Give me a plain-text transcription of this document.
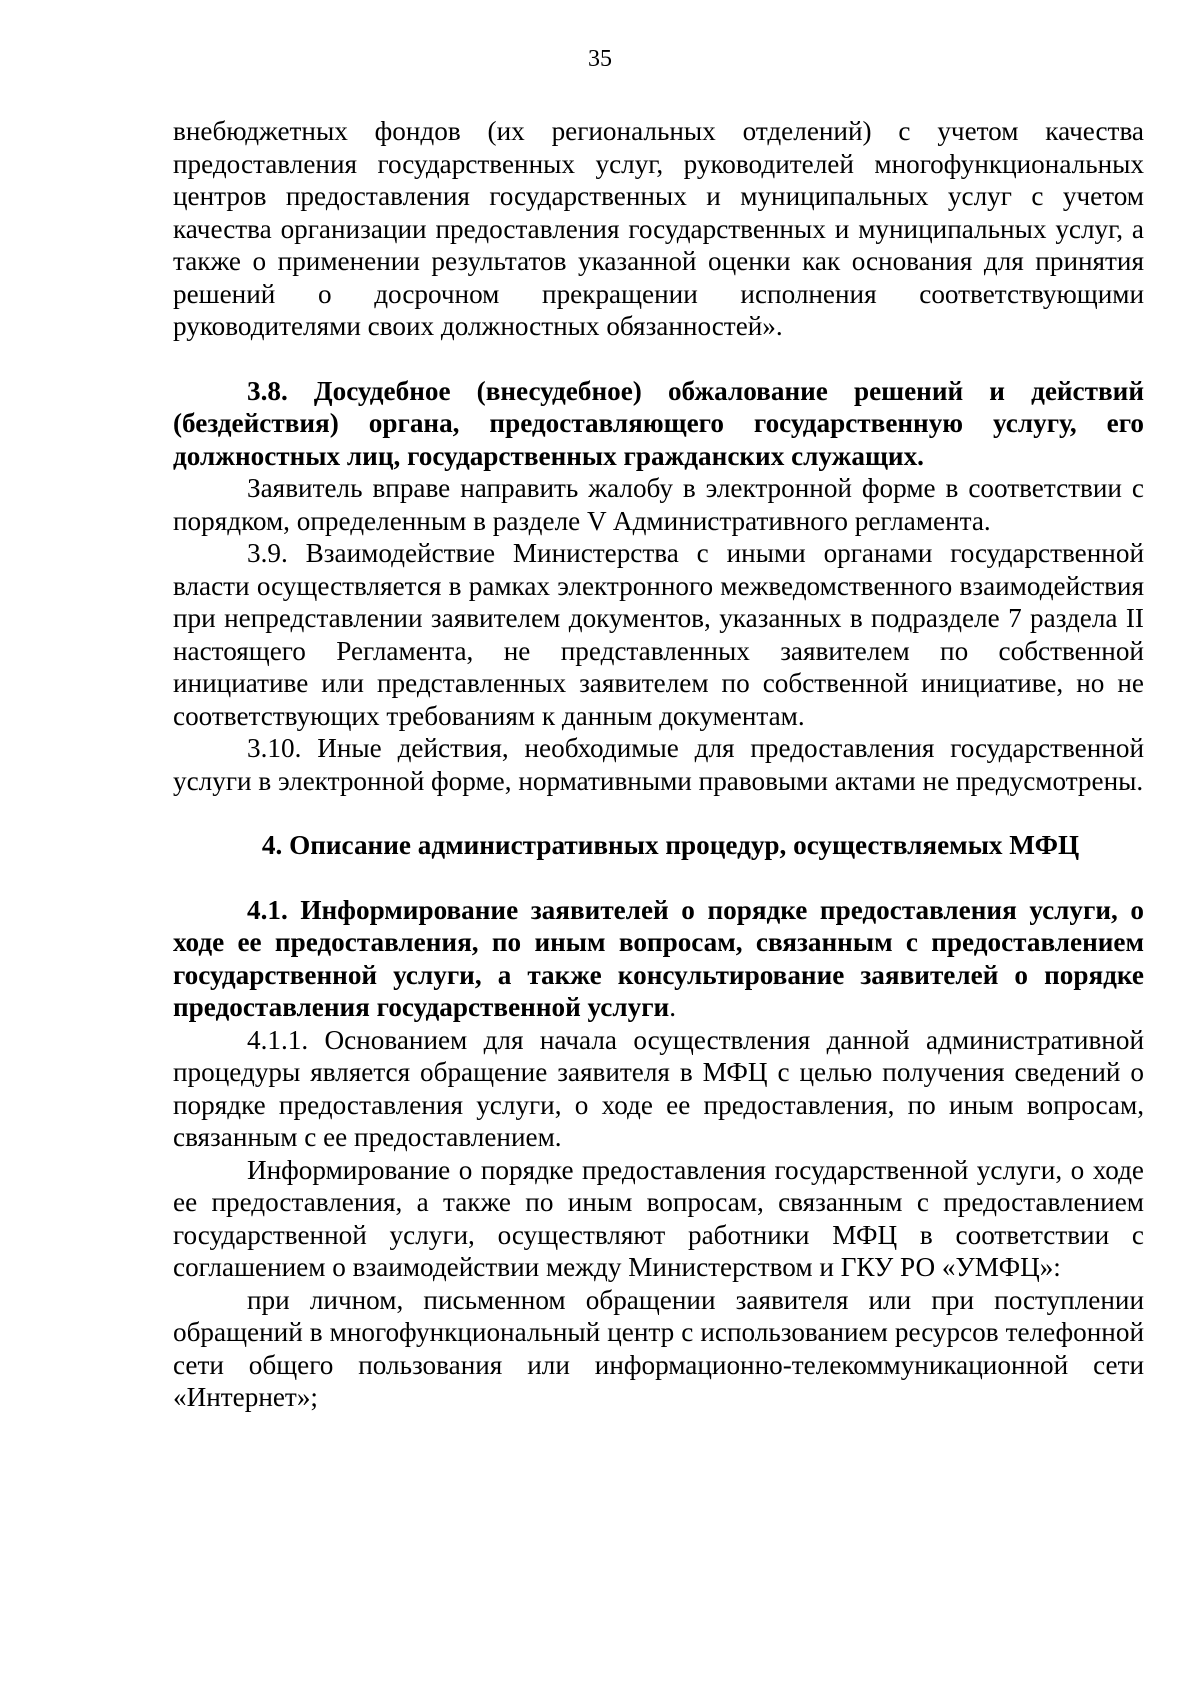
35

внебюджетных фондов (их региональных отделений) с учетом качества предоставления государственных услуг, руководителей многофункциональных центров предоставления государственных и муниципальных услуг с учетом качества организации предоставления государственных и муниципальных услуг, а также о применении результатов указанной оценки как основания для принятия решений о досрочном прекращении исполнения соответствующими руководителями своих должностных обязанностей».

3.8. Досудебное (внесудебное) обжалование решений и действий (бездействия) органа, предоставляющего государственную услугу, его должностных лиц, государственных гражданских служащих.

Заявитель вправе направить жалобу в электронной форме в соответствии с порядком, определенным в разделе V Административного регламента.

3.9. Взаимодействие Министерства с иными органами государственной власти осуществляется в рамках электронного межведомственного взаимодействия при непредставлении заявителем документов, указанных в подразделе 7 раздела II настоящего Регламента, не представленных заявителем по собственной инициативе или представленных заявителем по собственной инициативе, но не соответствующих требованиям к данным документам.

3.10. Иные действия, необходимые для предоставления государственной услуги в электронной форме, нормативными правовыми актами не предусмотрены.

4. Описание административных процедур, осуществляемых МФЦ

4.1. Информирование заявителей о порядке предоставления услуги, о ходе ее предоставления, по иным вопросам, связанным с предоставлением государственной услуги, а также консультирование заявителей о порядке предоставления государственной услуги.

4.1.1. Основанием для начала осуществления данной административной процедуры является обращение заявителя в МФЦ с целью получения сведений о порядке предоставления услуги, о ходе ее предоставления, по иным вопросам, связанным с ее предоставлением.

Информирование о порядке предоставления государственной услуги, о ходе ее предоставления, а также по иным вопросам, связанным с предоставлением государственной услуги, осуществляют работники МФЦ в соответствии с соглашением о взаимодействии между Министерством и ГКУ РО «УМФЦ»:

при личном, письменном обращении заявителя или при поступлении обращений в многофункциональный центр с использованием ресурсов телефонной сети общего пользования или информационно-телекоммуникационной сети «Интернет»;
